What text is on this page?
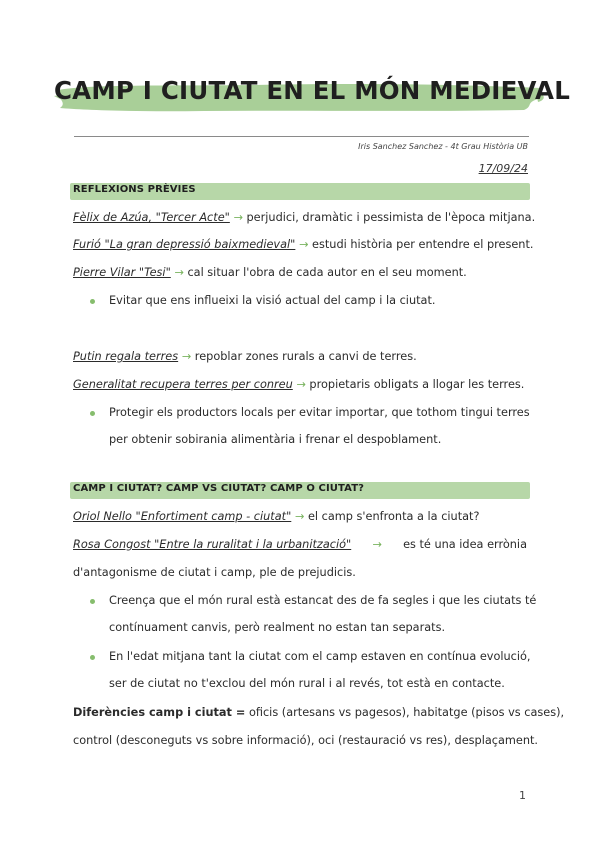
CAMP I CIUTAT EN EL MÓN MEDIEVAL
Iris Sanchez Sanchez - 4t Grau Història UB
17/09/24
REFLEXIONS PRÈVIES
Fèlix de Azúa, "Tercer Acte" → perjudici, dramàtic i pessimista de l'època mitjana.
Furió "La gran depressió baixmedieval" → estudi història per entendre el present.
Pierre Vilar "Tesi" → cal situar l'obra de cada autor en el seu moment.
Evitar que ens influeixi la visió actual del camp i la ciutat.
Putin regala terres → repoblar zones rurals a canvi de terres.
Generalitat recupera terres per conreu → propietaris obligats a llogar les terres.
Protegir els productors locals per evitar importar, que tothom tingui terres
per obtenir sobirania alimentària i frenar el despoblament.
CAMP I CIUTAT? CAMP VS CIUTAT? CAMP O CIUTAT?
Oriol Nello "Enfortiment camp - ciutat" → el camp s'enfronta a la ciutat?
Rosa Congost "Entre la ruralitat i la urbanització" → es té una idea errònia
d'antagonisme de ciutat i camp, ple de prejudicis.
Creença que el món rural està estancat des de fa segles i que les ciutats té
contínuament canvis, però realment no estan tan separats.
En l'edat mitjana tant la ciutat com el camp estaven en contínua evolució,
ser de ciutat no t'exclou del món rural i al revés, tot està en contacte.
Diferències camp i ciutat = oficis (artesans vs pagesos), habitatge (pisos vs cases),
control (desconeguts vs sobre informació), oci (restauració vs res), desplaçament.
1
